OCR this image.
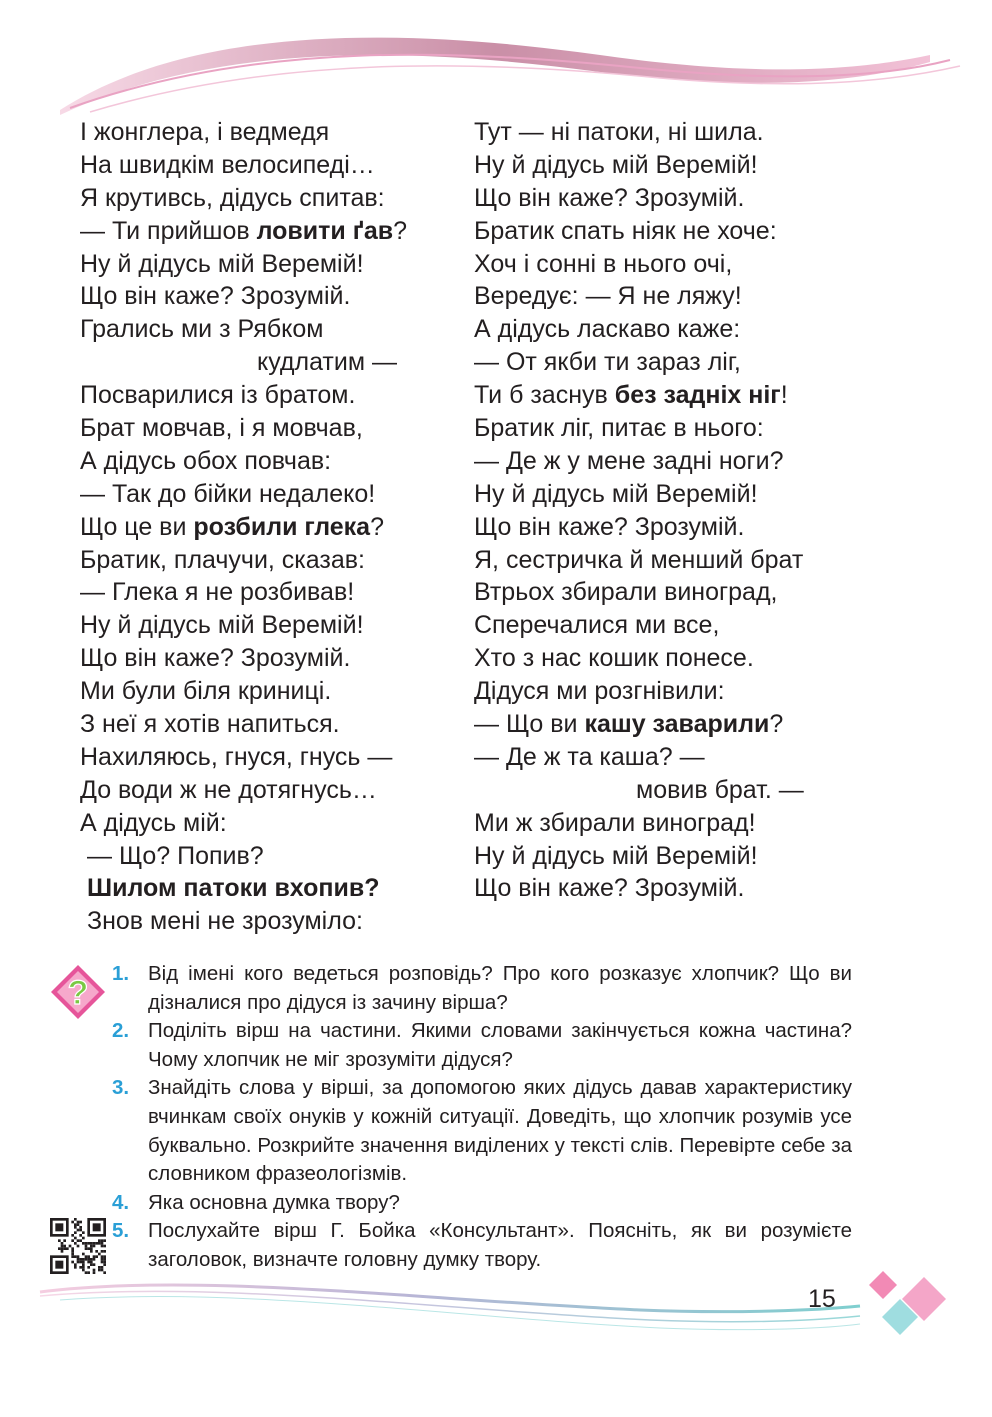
І жонглера, і ведмедя
На швидкім велосипеді…
Я крутивсь, дідусь спитав:
— Ти прийшов ловити ґав?
Ну й дідусь мій Веремій!
Що він каже? Зрозумій.
Грались ми з Рябком
кудлатим —
Посварилися із братом.
Брат мовчав, і я мовчав,
А дідусь обох повчав:
— Так до бійки недалеко!
Що це ви розбили глека?
Братик, плачучи, сказав:
— Глека я не розбивав!
Ну й дідусь мій Веремій!
Що він каже? Зрозумій.
Ми були біля криниці.
З неї я хотів напиться.
Нахиляюсь, гнуся, гнусь —
До води ж не дотягнусь…
А дідусь мій:
— Що? Попив?
Шилом патоки вхопив?
Знов мені не зрозуміло:
Тут — ні патоки, ні шила.
Ну й дідусь мій Веремій!
Що він каже? Зрозумій.
Братик спать ніяк не хоче:
Хоч і сонні в нього очі,
Вередує: — Я не ляжу!
А дідусь ласкаво каже:
— От якби ти зараз ліг,
Ти б заснув без задніх ніг!
Братик ліг, питає в нього:
— Де ж у мене задні ноги?
Ну й дідусь мій Веремій!
Що він каже? Зрозумій.
Я, сестричка й менший брат
Втрьох збирали виноград,
Сперечалися ми все,
Хто з нас кошик понесе.
Дідуся ми розгнівили:
— Що ви кашу заварили?
— Де ж та каша? —
мовив брат. —
Ми ж збирали виноград!
Ну й дідусь мій Веремій!
Що він каже? Зрозумій.
?
1. Від імені кого ведеться розповідь? Про кого розказує хлопчик? Що ви дізналися про дідуся із зачину вірша?
2. Поділіть вірш на частини. Якими словами закінчується кожна частина? Чому хлопчик не міг зрозуміти дідуся?
3. Знайдіть слова у вірші, за допомогою яких дідусь давав характеристику вчинкам своїх онуків у кожній ситуації. Доведіть, що хлопчик розумів усе буквально. Розкрийте значення виділених у тексті слів. Перевірте себе за словником фразеологізмів.
4. Яка основна думка твору?
5. Послухайте вірш Г. Бойка «Консультант». Поясніть, як ви розумієте заголовок, визначте головну думку твору.
15
